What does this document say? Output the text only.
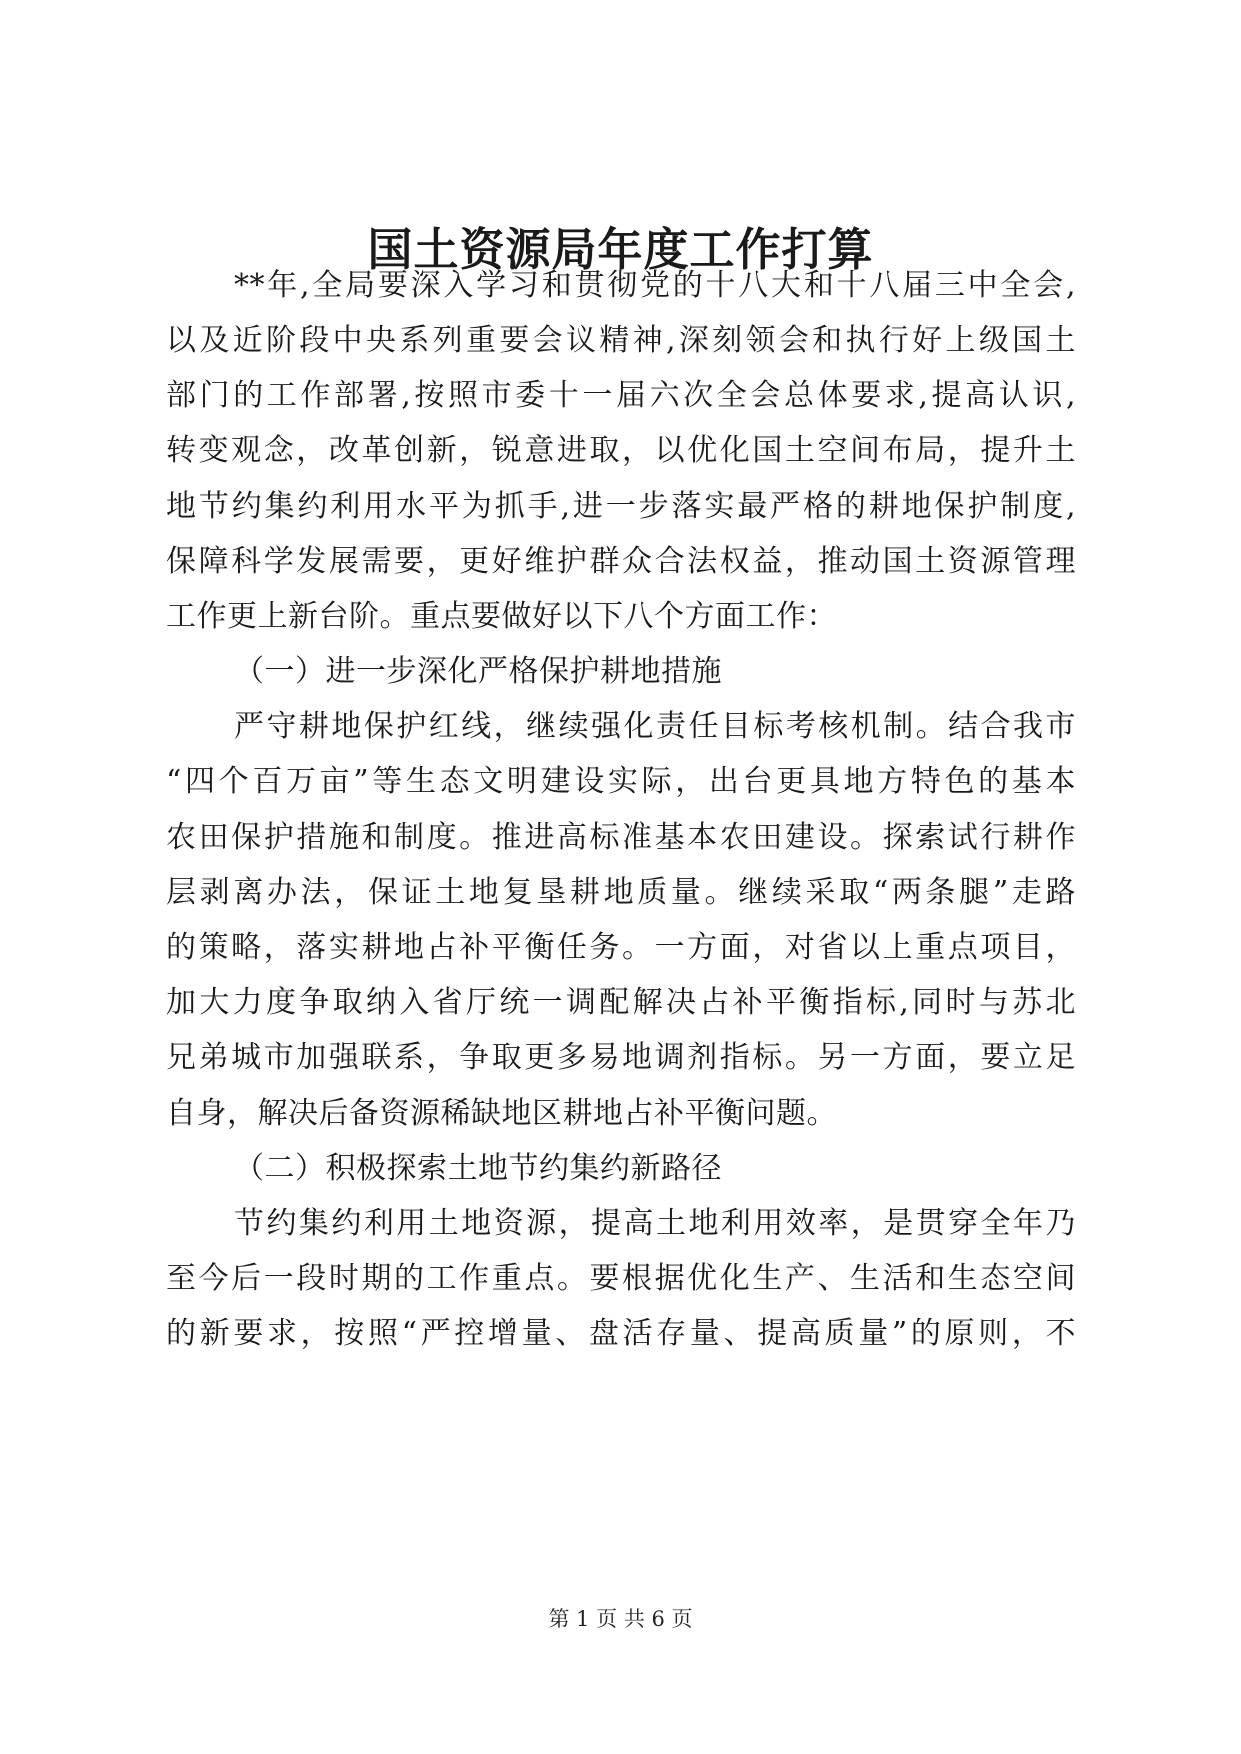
国土资源局年度工作打算
**年,全局要深入学习和贯彻党的十八大和十八届三中全会,
以及近阶段中央系列重要会议精神,深刻领会和执行好上级国土
部门的工作部署,按照市委十一届六次全会总体要求,提高认识,
转变观念，改革创新，锐意进取，以优化国土空间布局，提升土
地节约集约利用水平为抓手,进一步落实最严格的耕地保护制度,
保障科学发展需要，更好维护群众合法权益，推动国土资源管理
工作更上新台阶。重点要做好以下八个方面工作：
（一）进一步深化严格保护耕地措施
严守耕地保护红线，继续强化责任目标考核机制。结合我市
“四个百万亩”等生态文明建设实际，出台更具地方特色的基本
农田保护措施和制度。推进高标准基本农田建设。探索试行耕作
层剥离办法，保证土地复垦耕地质量。继续采取“两条腿”走路
的策略，落实耕地占补平衡任务。一方面，对省以上重点项目，
加大力度争取纳入省厅统一调配解决占补平衡指标,同时与苏北
兄弟城市加强联系，争取更多易地调剂指标。另一方面，要立足
自身，解决后备资源稀缺地区耕地占补平衡问题。
（二）积极探索土地节约集约新路径
节约集约利用土地资源，提高土地利用效率，是贯穿全年乃
至今后一段时期的工作重点。要根据优化生产、生活和生态空间
的新要求，按照“严控增量、盘活存量、提高质量”的原则，不
第 1 页 共 6 页
